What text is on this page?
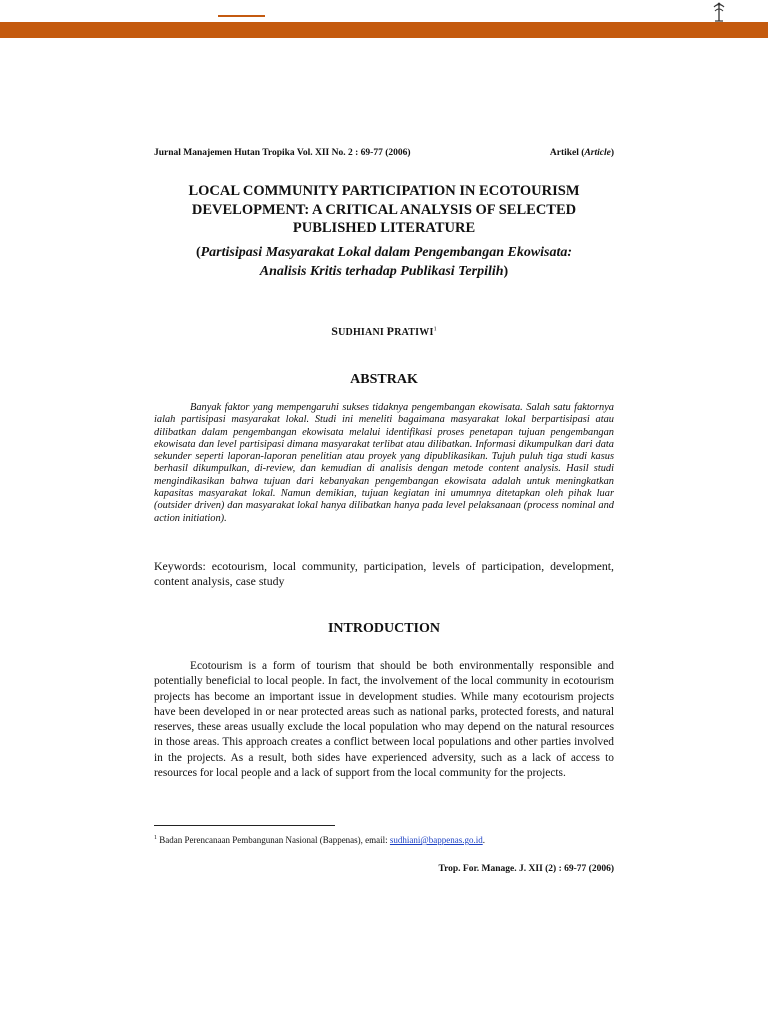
Jurnal Manajemen Hutan Tropika Vol. XII No. 2 : 69-77 (2006)	Artikel (Article)
LOCAL COMMUNITY PARTICIPATION IN ECOTOURISM
DEVELOPMENT: A CRITICAL ANALYSIS OF SELECTED
PUBLISHED LITERATURE
(Partisipasi Masyarakat Lokal dalam Pengembangan Ekowisata:
Analisis Kritis terhadap Publikasi Terpilih)
SUDHIANI PRATIWI$^1$
ABSTRAK
Banyak faktor yang mempengaruhi sukses tidaknya pengembangan ekowisata. Salah satu faktornya ialah partisipasi masyarakat lokal. Studi ini meneliti bagaimana masyarakat lokal berpartisipasi atau dilibatkan dalam pengembangan ekowisata melalui identifikasi proses penetapan tujuan pengembangan ekowisata dan level partisipasi dimana masyarakat terlibat atau dilibatkan. Informasi dikumpulkan dari data sekunder seperti laporan-laporan penelitian atau proyek yang dipublikasikan. Tujuh puluh tiga studi kasus berhasil dikumpulkan, di-review, dan kemudian di analisis dengan metode content analysis. Hasil studi mengindikasikan bahwa tujuan dari kebanyakan pengembangan ekowisata adalah untuk meningkatkan kapasitas masyarakat lokal. Namun demikian, tujuan kegiatan ini umumnya ditetapkan oleh pihak luar (outsider driven) dan masyarakat lokal hanya dilibatkan hanya pada level pelaksanaan (process nominal and action initiation).
Keywords: ecotourism, local community, participation, levels of participation, development, content analysis, case study
INTRODUCTION
Ecotourism is a form of tourism that should be both environmentally responsible and potentially beneficial to local people. In fact, the involvement of the local community in ecotourism projects has become an important issue in development studies. While many ecotourism projects have been developed in or near protected areas such as national parks, protected forests, and natural reserves, these areas usually exclude the local population who may depend on the natural resources in those areas. This approach creates a conflict between local populations and other parties involved in the projects. As a result, both sides have experienced adversity, such as a lack of access to resources for local people and a lack of support from the local community for the projects.
$^1$ Badan Perencanaan Pembangunan Nasional (Bappenas), email: sudhiani@bappenas.go.id.
Trop. For. Manage. J. XII (2) : 69-77 (2006)
